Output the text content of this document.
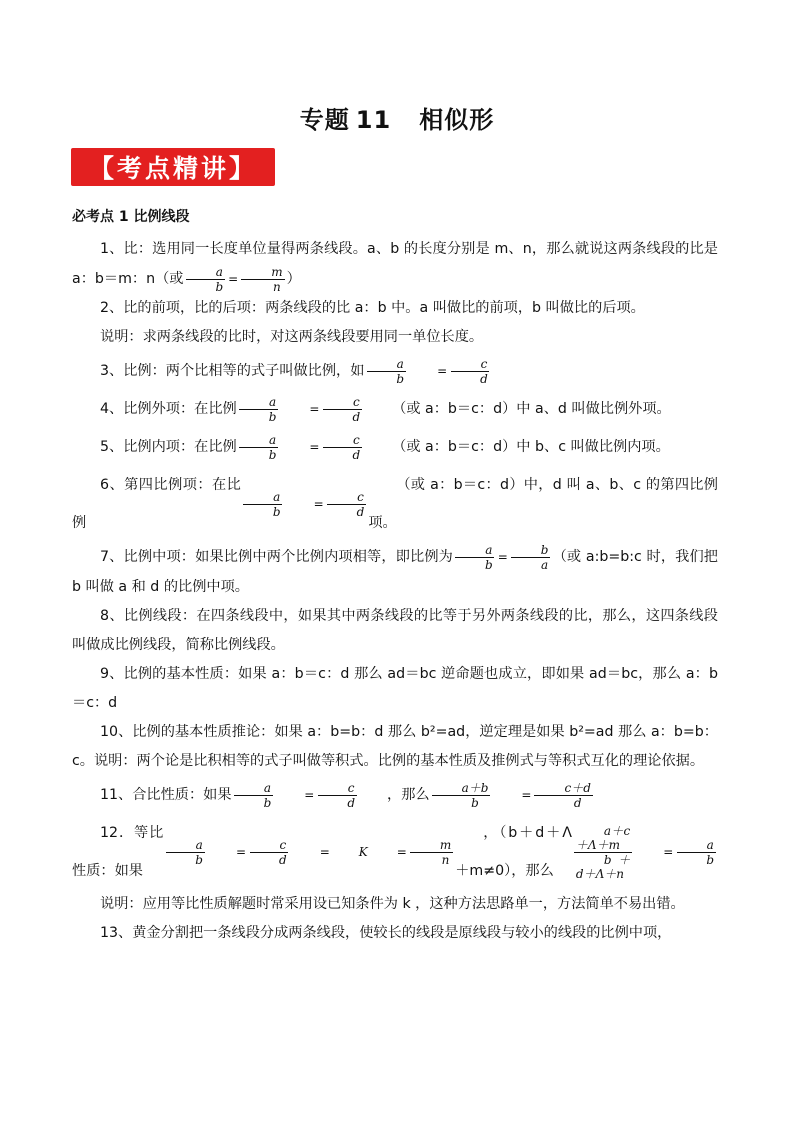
专题 11 相似形
【考点精讲】
必考点 1 比例线段

1、比：选用同一长度单位量得两条线段。a、b 的长度分别是 m、n，那么就说这两条线段的比是 a：b＝m：n（或 $\frac{a}{b} = \frac{m}{n}$ ）

2、比的前项，比的后项：两条线段的比 a：b 中。a 叫做比的前项，b 叫做比的后项。

说明：求两条线段的比时，对这两条线段要用同一单位长度。

3、比例：两个比相等的式子叫做比例，如 $\frac{a}{b}$	= $\frac{c}{d}$

4、比例外项：在比例 $\frac{a}{b}$	= $\frac{c}{d}$	（或 a：b＝c：d）中 a、d 叫做比例外项。

5、比例内项：在比例 $\frac{a}{b}$	= $\frac{c}{d}$	（或 a：b＝c：d）中 b、c 叫做比例内项。

6、第四比例项：在比例
$\frac{a}{b}$	= $\frac{c}{d}$
（或 a：b＝c：d）中，d 叫 a、b、c 的第四比例项。

7、比例中项：如果比例中两个比例内项相等，即比例为 $\frac{a}{b} = \frac{b}{a}$ （或 a:b=b:c 时，我们把 b 叫做 a 和 d 的比例中项。

8、比例线段：在四条线段中，如果其中两条线段的比等于另外两条线段的比，那么，这四条线段叫做成比例线段，简称比例线段。

9、比例的基本性质：如果 a：b＝c：d 那么 ad＝bc 逆命题也成立，即如果 ad＝bc，那么 a：b＝c：d

10、比例的基本性质推论：如果 a：b=b：d 那么 b²=ad，逆定理是如果 b²=ad 那么 a：b=b：c。说明：两个论是比积相等的式子叫做等积式。比例的基本性质及推例式与等积式互化的理论依据。

11、合比性质：如果 $\frac{a}{b}$	= $\frac{c}{d}$	，那么 $\frac{a+b}{b}$	= $\frac{c+d}{d}$

12．等比性质：如果
$\frac{a}{b}$	= $\frac{c}{d}$	=	K	= $\frac{m}{n}$
，（b＋d＋Λ＋m≠0），那么	$\frac{a+c+\Lambda+m}{b+d+\Lambda+n}$	= $\frac{a}{b}$

说明：应用等比性质解题时常采用设已知条件为 k ，这种方法思路单一，方法简单不易出错。

13、黄金分割把一条线段分成两条线段，使较长的线段是原线段与较小的线段的比例中项，
